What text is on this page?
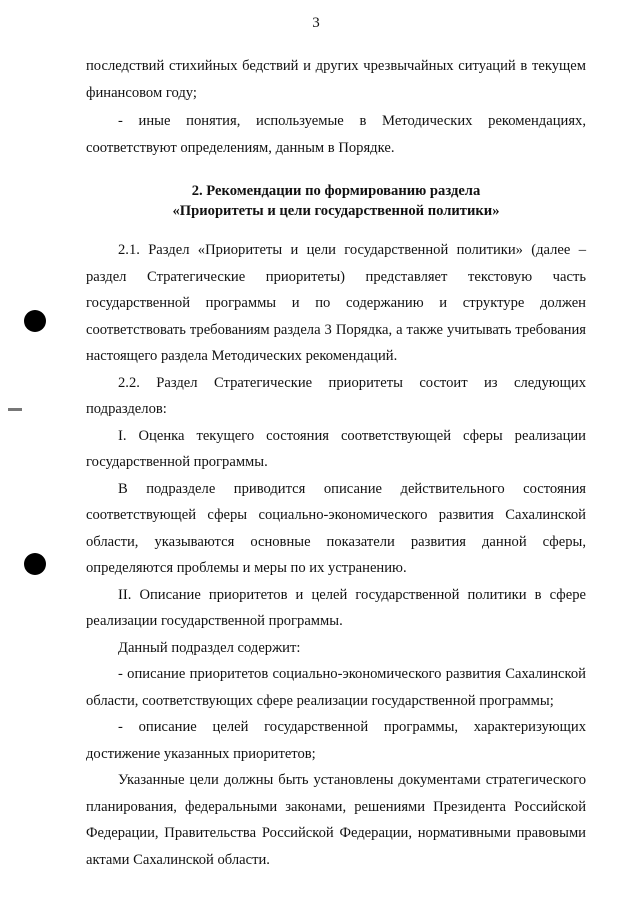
3

последствий стихийных бедствий и других чрезвычайных ситуаций в текущем финансовом году;

- иные понятия, используемые в Методических рекомендациях, соответствуют определениям, данным в Порядке.

2. Рекомендации по формированию раздела
«Приоритеты и цели государственной политики»

2.1. Раздел «Приоритеты и цели государственной политики» (далее – раздел Стратегические приоритеты) представляет текстовую часть государственной программы и по содержанию и структуре должен соответствовать требованиям раздела 3 Порядка, а также учитывать требования настоящего раздела Методических рекомендаций.

2.2. Раздел Стратегические приоритеты состоит из следующих подразделов:

I. Оценка текущего состояния соответствующей сферы реализации государственной программы.

В подразделе приводится описание действительного состояния соответствующей сферы социально-экономического развития Сахалинской области, указываются основные показатели развития данной сферы, определяются проблемы и меры по их устранению.

II. Описание приоритетов и целей государственной политики в сфере реализации государственной программы.

Данный подраздел содержит:

- описание приоритетов социально-экономического развития Сахалинской области, соответствующих сфере реализации государственной программы;

- описание целей государственной программы, характеризующих достижение указанных приоритетов;

Указанные цели должны быть установлены документами стратегического планирования, федеральными законами, решениями Президента Российской Федерации, Правительства Российской Федерации, нормативными правовыми актами Сахалинской области.
